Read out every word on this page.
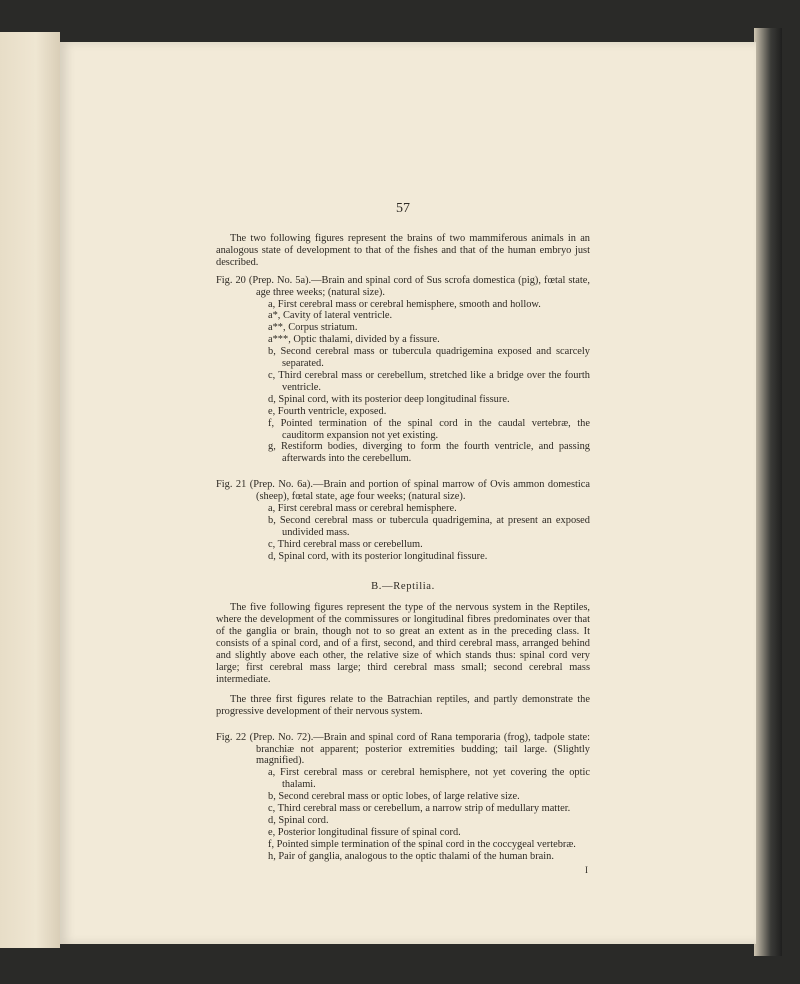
57

The two following figures represent the brains of two mammiferous animals in an analogous state of development to that of the fishes and that of the human embryo just described.

Fig. 20 (Prep. No. 5a).—Brain and spinal cord of Sus scrofa domestica (pig), fœtal state, age three weeks; (natural size).

a, First cerebral mass or cerebral hemisphere, smooth and hollow.

a*, Cavity of lateral ventricle.

a**, Corpus striatum.

a***, Optic thalami, divided by a fissure.

b, Second cerebral mass or tubercula quadrigemina exposed and scarcely separated.

c, Third cerebral mass or cerebellum, stretched like a bridge over the fourth ventricle.

d, Spinal cord, with its posterior deep longitudinal fissure.

e, Fourth ventricle, exposed.

f, Pointed termination of the spinal cord in the caudal vertebræ, the cauditorm expansion not yet existing.

g, Restiform bodies, diverging to form the fourth ventricle, and passing afterwards into the cerebellum.

Fig. 21 (Prep. No. 6a).—Brain and portion of spinal marrow of Ovis ammon domestica (sheep), fœtal state, age four weeks; (natural size).

a, First cerebral mass or cerebral hemisphere.

b, Second cerebral mass or tubercula quadrigemina, at present an exposed undivided mass.

c, Third cerebral mass or cerebellum.

d, Spinal cord, with its posterior longitudinal fissure.

B.—Reptilia.

The five following figures represent the type of the nervous system in the Reptiles, where the development of the commissures or longitudinal fibres predominates over that of the ganglia or brain, though not to so great an extent as in the preceding class. It consists of a spinal cord, and of a first, second, and third cerebral mass, arranged behind and slightly above each other, the relative size of which stands thus: spinal cord very large; first cerebral mass large; third cerebral mass small; second cerebral mass intermediate.

The three first figures relate to the Batrachian reptiles, and partly demonstrate the progressive development of their nervous system.

Fig. 22 (Prep. No. 72).—Brain and spinal cord of Rana temporaria (frog), tadpole state: branchiæ not apparent; posterior extremities budding; tail large. (Slightly magnified).

a, First cerebral mass or cerebral hemisphere, not yet covering the optic thalami.

b, Second cerebral mass or optic lobes, of large relative size.

c, Third cerebral mass or cerebellum, a narrow strip of medullary matter.

d, Spinal cord.

e, Posterior longitudinal fissure of spinal cord.

f, Pointed simple termination of the spinal cord in the coccygeal vertebræ.

h, Pair of ganglia, analogous to the optic thalami of the human brain.

I
